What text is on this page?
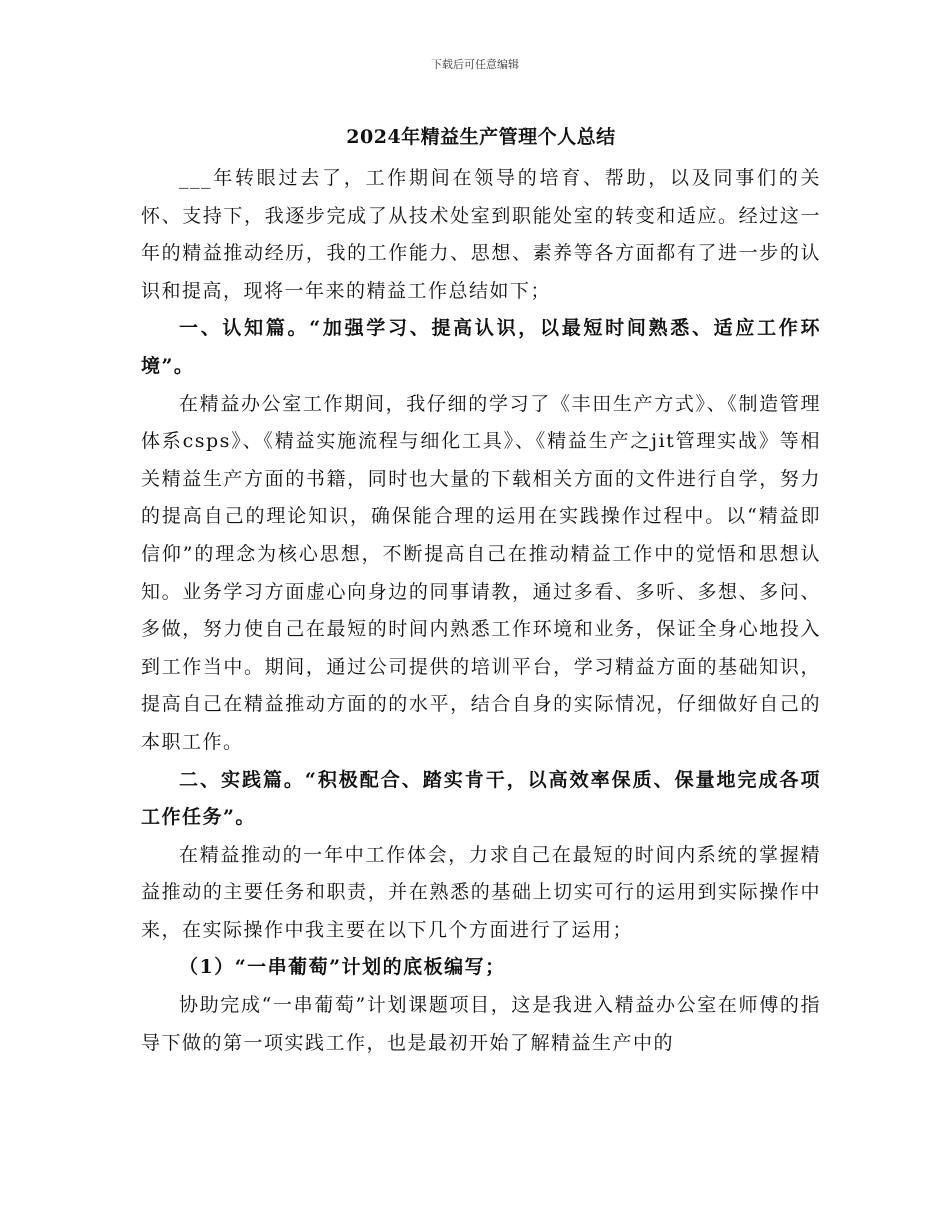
下载后可任意编辑
2024年精益生产管理个人总结

___年转眼过去了，工作期间在领导的培育、帮助，以及同事们的关怀、支持下，我逐步完成了从技术处室到职能处室的转变和适应。经过这一年的精益推动经历，我的工作能力、思想、素养等各方面都有了进一步的认识和提高，现将一年来的精益工作总结如下；

一、认知篇。“加强学习、提高认识，以最短时间熟悉、适应工作环境”。

在精益办公室工作期间，我仔细的学习了《丰田生产方式》、《制造管理体系csps》、《精益实施流程与细化工具》、《精益生产之jit管理实战》等相关精益生产方面的书籍，同时也大量的下载相关方面的文件进行自学，努力的提高自己的理论知识，确保能合理的运用在实践操作过程中。以“精益即信仰”的理念为核心思想，不断提高自己在推动精益工作中的觉悟和思想认知。业务学习方面虚心向身边的同事请教，通过多看、多听、多想、多问、多做，努力使自己在最短的时间内熟悉工作环境和业务，保证全身心地投入到工作当中。期间，通过公司提供的培训平台，学习精益方面的基础知识，提高自己在精益推动方面的的水平，结合自身的实际情况，仔细做好自己的本职工作。

二、实践篇。“积极配合、踏实肯干，以高效率保质、保量地完成各项工作任务”。

在精益推动的一年中工作体会，力求自己在最短的时间内系统的掌握精益推动的主要任务和职责，并在熟悉的基础上切实可行的运用到实际操作中来，在实际操作中我主要在以下几个方面进行了运用；

（1）“一串葡萄”计划的底板编写；

协助完成“一串葡萄”计划课题项目，这是我进入精益办公室在师傅的指导下做的第一项实践工作，也是最初开始了解精益生产中的
